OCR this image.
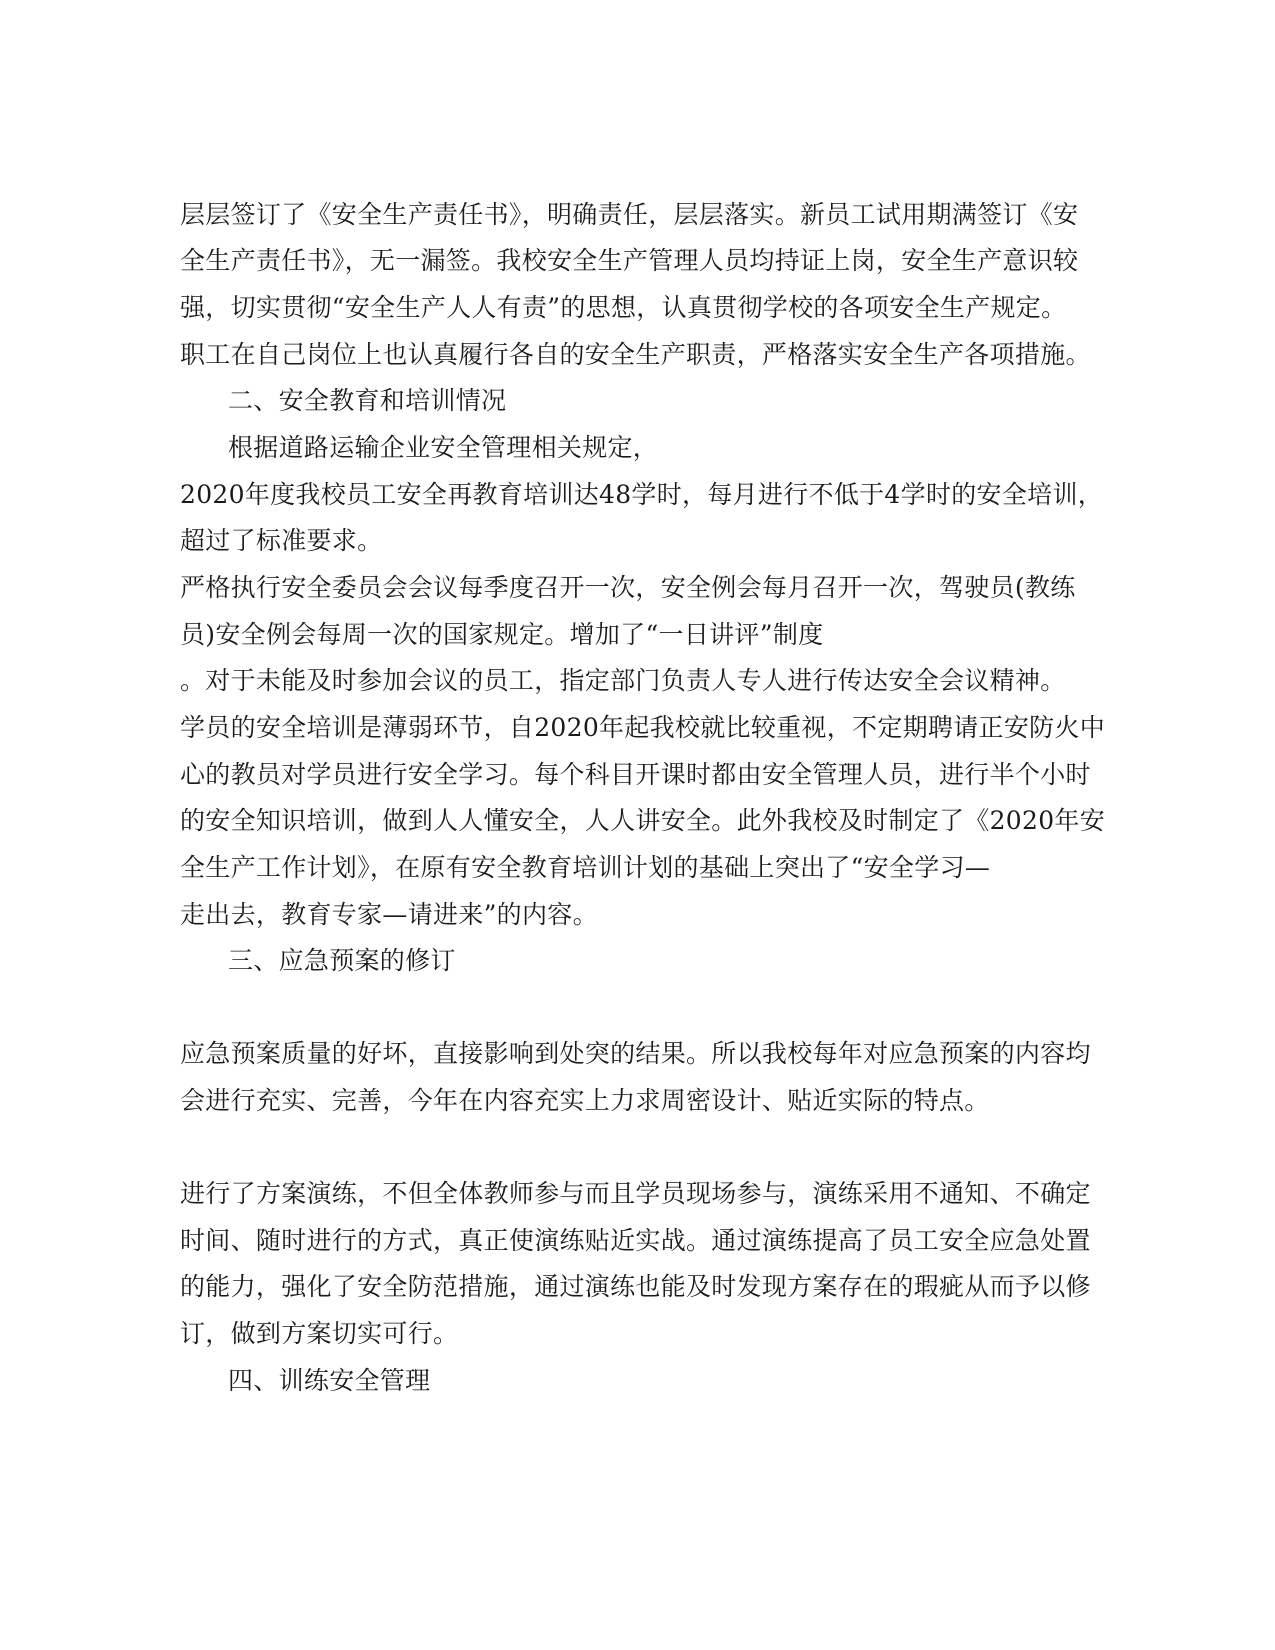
层层签订了《安全生产责任书》，明确责任，层层落实。新员工试用期满签订《安
全生产责任书》，无一漏签。我校安全生产管理人员均持证上岗，安全生产意识较
强，切实贯彻“安全生产人人有责”的思想，认真贯彻学校的各项安全生产规定。
职工在自己岗位上也认真履行各自的安全生产职责，严格落实安全生产各项措施。
二、安全教育和培训情况
根据道路运输企业安全管理相关规定，
2020年度我校员工安全再教育培训达48学时，每月进行不低于4学时的安全培训，
超过了标准要求。
严格执行安全委员会会议每季度召开一次，安全例会每月召开一次，驾驶员(教练
员)安全例会每周一次的国家规定。增加了“一日讲评”制度
。对于未能及时参加会议的员工，指定部门负责人专人进行传达安全会议精神。
学员的安全培训是薄弱环节，自2020年起我校就比较重视，不定期聘请正安防火中
心的教员对学员进行安全学习。每个科目开课时都由安全管理人员，进行半个小时
的安全知识培训，做到人人懂安全，人人讲安全。此外我校及时制定了《2020年安
全生产工作计划》，在原有安全教育培训计划的基础上突出了“安全学习—
走出去，教育专家—请进来”的内容。
三、应急预案的修订
应急预案质量的好坏，直接影响到处突的结果。所以我校每年对应急预案的内容均
会进行充实、完善，今年在内容充实上力求周密设计、贴近实际的特点。
进行了方案演练，不但全体教师参与而且学员现场参与，演练采用不通知、不确定
时间、随时进行的方式，真正使演练贴近实战。通过演练提高了员工安全应急处置
的能力，强化了安全防范措施，通过演练也能及时发现方案存在的瑕疵从而予以修
订，做到方案切实可行。
四、训练安全管理
